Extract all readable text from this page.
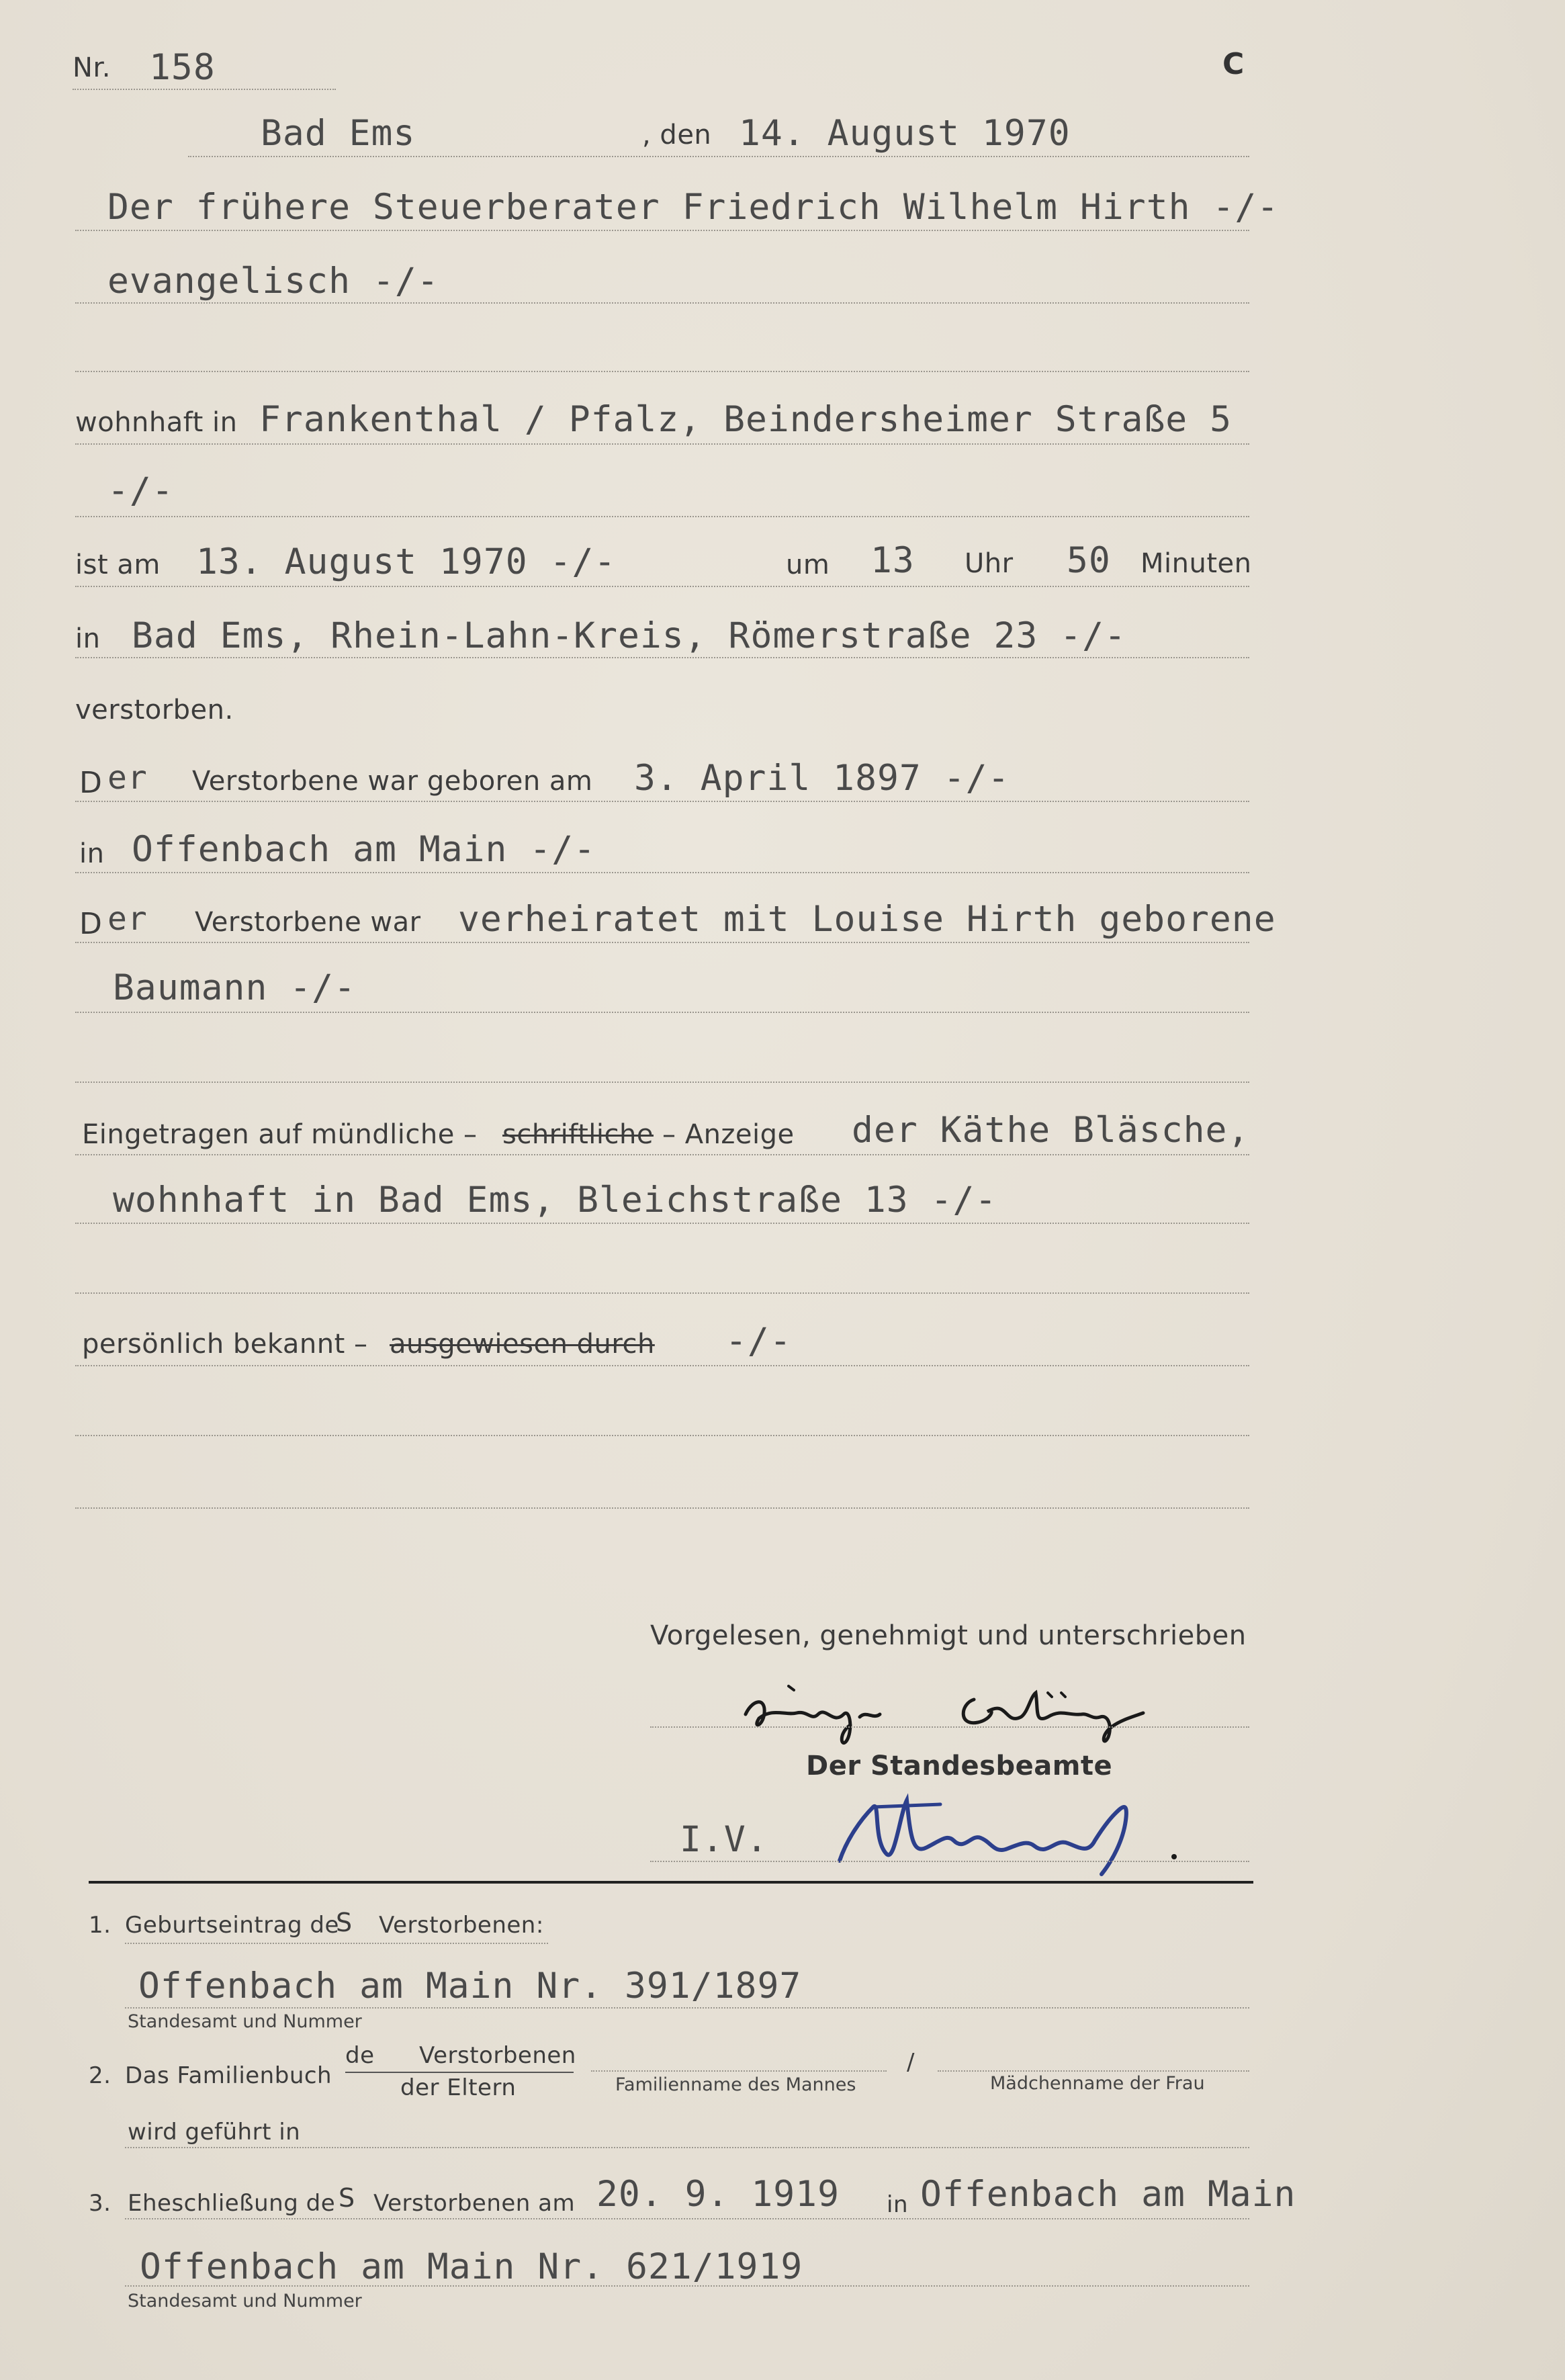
Nr. 158	C
Bad Ems	, den 14. August 1970
Der frühere Steuerberater Friedrich Wilhelm Hirth -/-
evangelisch -/-
wohnhaft in Frankenthal / Pfalz, Beindersheimer Straße 5
-/-
ist am 13. August 1970 -/-	um 13 Uhr 50 Minuten
in Bad Ems, Rhein-Lahn-Kreis, Römerstraße 23 -/-
verstorben.
D er Verstorbene war geboren am 3. April 1897 -/-
in Offenbach am Main -/-
D er Verstorbene war verheiratet mit Louise Hirth geborene
Baumann -/-
Eingetragen auf mündliche – schriftliche – Anzeige der Käthe Bläsche,
wohnhaft in Bad Ems, Bleichstraße 13 -/-
persönlich bekannt – ausgewiesen durch -/-
Vorgelesen, genehmigt und unterschrieben
Der Standesbeamte
I.V.
1. Geburtseintrag de
S Verstorbenen:
Offenbach am Main Nr. 391/1897
Standesamt und Nummer
2. Das Familienbuch
de Verstorbenen
der Eltern	Familienname des Mannes
/
Mädchenname der Frau
wird geführt in
3. Eheschließung de S Verstorbenen am 20. 9. 1919 in Offenbach am Main
Offenbach am Main Nr. 621/1919
Standesamt und Nummer
